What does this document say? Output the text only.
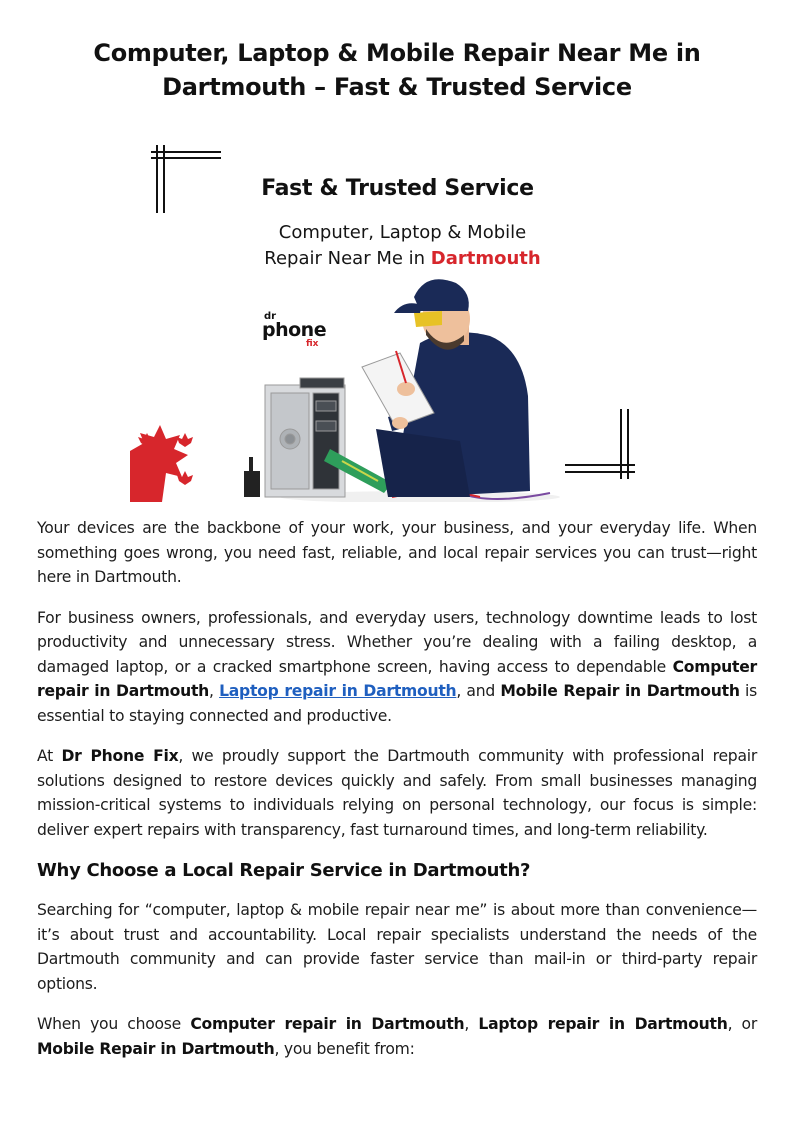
Computer, Laptop & Mobile Repair Near Me in Dartmouth – Fast & Trusted Service
Fast & Trusted Service
Computer, Laptop & Mobile
Repair Near Me in Dartmouth
dr
phone
fix

Your devices are the backbone of your work, your business, and your everyday life. When something goes wrong, you need fast, reliable, and local repair services you can trust—right here in Dartmouth.

For business owners, professionals, and everyday users, technology downtime leads to lost productivity and unnecessary stress. Whether you’re dealing with a failing desktop, a damaged laptop, or a cracked smartphone screen, having access to dependable Computer repair in Dartmouth, Laptop repair in Dartmouth, and Mobile Repair in Dartmouth is essential to staying connected and productive.

At Dr Phone Fix, we proudly support the Dartmouth community with professional repair solutions designed to restore devices quickly and safely. From small businesses managing mission-critical systems to individuals relying on personal technology, our focus is simple: deliver expert repairs with transparency, fast turnaround times, and long-term reliability.

Why Choose a Local Repair Service in Dartmouth?

Searching for “computer, laptop & mobile repair near me” is about more than convenience—it’s about trust and accountability. Local repair specialists understand the needs of the Dartmouth community and can provide faster service than mail-in or third-party repair options.

When you choose Computer repair in Dartmouth, Laptop repair in Dartmouth, or Mobile Repair in Dartmouth, you benefit from:
